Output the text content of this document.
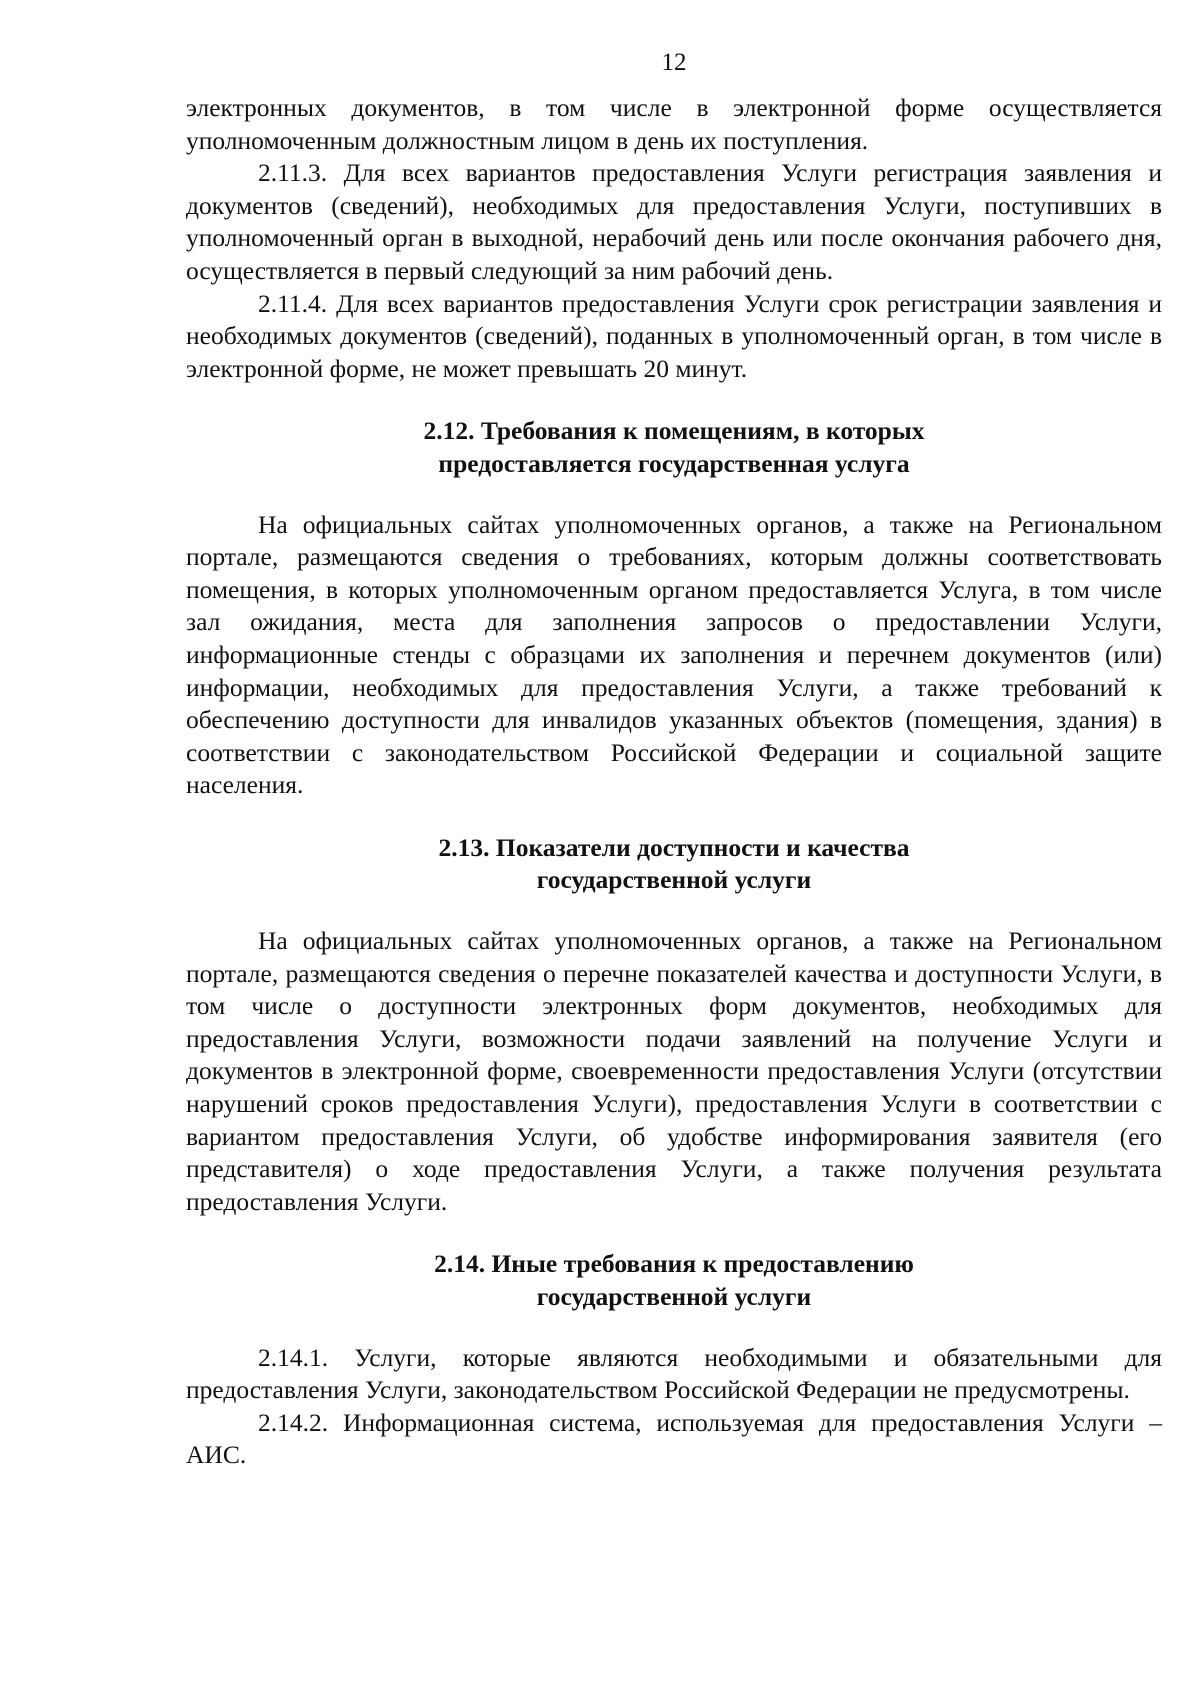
12

электронных документов, в том числе в электронной форме осуществляется уполномоченным должностным лицом в день их поступления.

2.11.3. Для всех вариантов предоставления Услуги регистрация заявления и документов (сведений), необходимых для предоставления Услуги, поступивших в уполномоченный орган в выходной, нерабочий день или после окончания рабочего дня, осуществляется в первый следующий за ним рабочий день.

2.11.4. Для всех вариантов предоставления Услуги срок регистрации заявления и необходимых документов (сведений), поданных в уполномоченный орган, в том числе в электронной форме, не может превышать 20 минут.

2.12. Требования к помещениям, в которых
предоставляется государственная услуга

На официальных сайтах уполномоченных органов, а также на Региональном портале, размещаются сведения о требованиях, которым должны соответствовать помещения, в которых уполномоченным органом предоставляется Услуга, в том числе зал ожидания, места для заполнения запросов о предоставлении Услуги, информационные стенды с образцами их заполнения и перечнем документов (или) информации, необходимых для предоставления Услуги, а также требований к обеспечению доступности для инвалидов указанных объектов (помещения, здания) в соответствии с законодательством Российской Федерации и социальной защите населения.

2.13. Показатели доступности и качества
государственной услуги

На официальных сайтах уполномоченных органов, а также на Региональном портале, размещаются сведения о перечне показателей качества и доступности Услуги, в том числе о доступности электронных форм документов, необходимых для предоставления Услуги, возможности подачи заявлений на получение Услуги и документов в электронной форме, своевременности предоставления Услуги (отсутствии нарушений сроков предоставления Услуги), предоставления Услуги в соответствии с вариантом предоставления Услуги, об удобстве информирования заявителя (его представителя) о ходе предоставления Услуги, а также получения результата предоставления Услуги.

2.14. Иные требования к предоставлению
государственной услуги

2.14.1. Услуги, которые являются необходимыми и обязательными для предоставления Услуги, законодательством Российской Федерации не предусмотрены.

2.14.2. Информационная система, используемая для предоставления Услуги – АИС.
